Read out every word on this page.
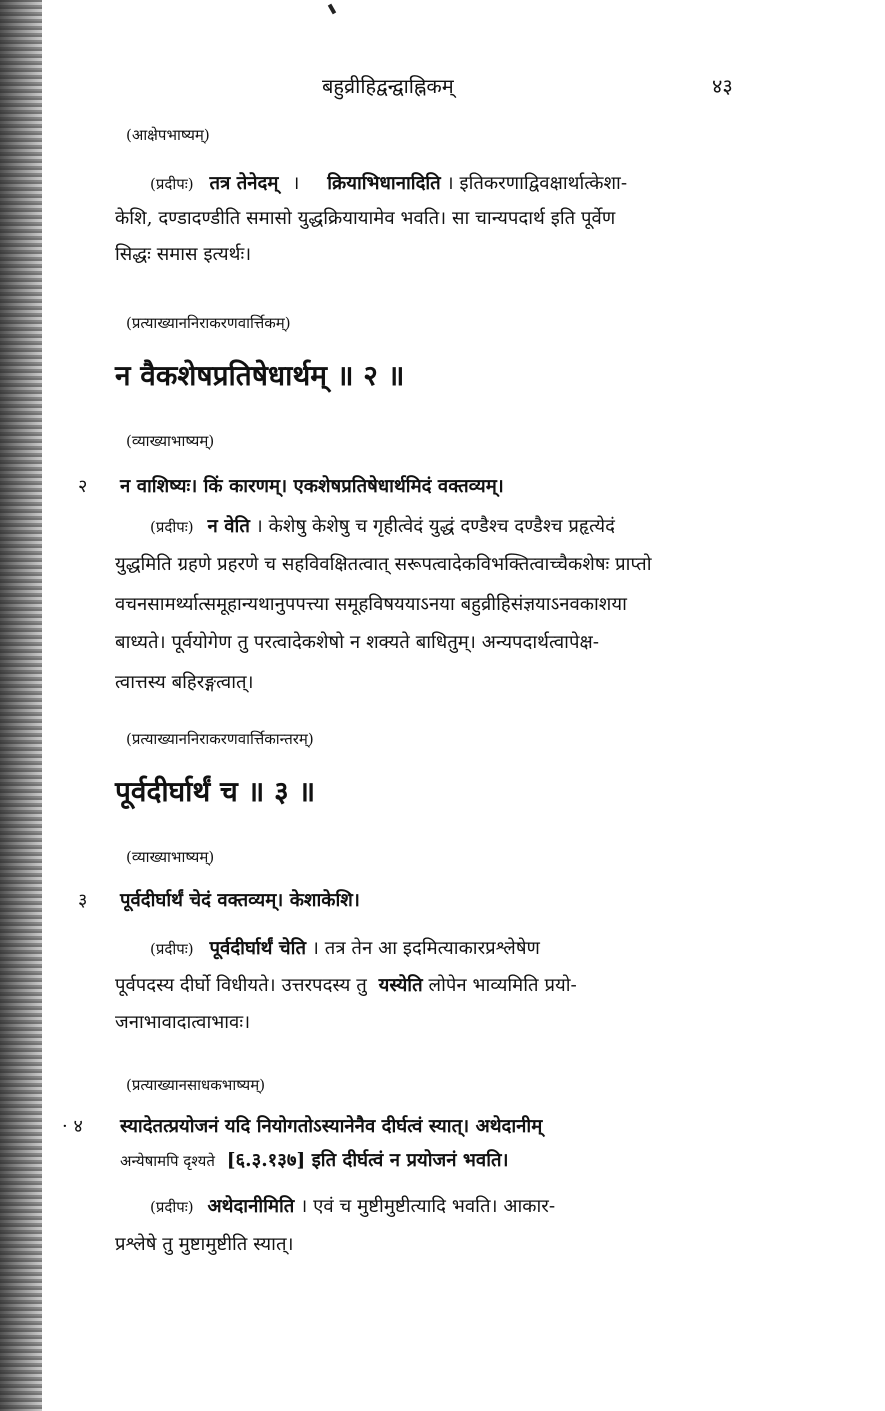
बहुव्रीहिद्वन्द्वाह्निकम्	४३
(आक्षेपभाष्यम्)
(प्रदीपः) तत्र तेनेदम् । क्रियाभिधानादिति । इतिकरणाद्विवक्षार्थात्केशा-
केशि, दण्डादण्डीति समासो युद्धक्रियायामेव भवति। सा चान्यपदार्थ इति पूर्वेण
सिद्धः समास इत्यर्थः।
(प्रत्याख्याननिराकरणवार्त्तिकम्)
न वैकशेषप्रतिषेधार्थम् ॥ २ ॥
(व्याख्याभाष्यम्)
२ न वाशिष्यः। किं कारणम्। एकशेषप्रतिषेधार्थमिदं वक्तव्यम्।
(प्रदीपः) न वेति । केशेषु केशेषु च गृहीत्वेदं युद्धं दण्डैश्च दण्डैश्च प्रहृत्येदं
युद्धमिति ग्रहणे प्रहरणे च सहविवक्षितत्वात् सरूपत्वादेकविभक्तित्वाच्चैकशेषः प्राप्तो
वचनसामर्थ्यात्समूहान्यथानुपपत्त्या समूहविषययाऽनया बहुव्रीहिसंज्ञयाऽनवकाशया
बाध्यते। पूर्वयोगेण तु परत्वादेकशेषो न शक्यते बाधितुम्। अन्यपदार्थत्वापेक्ष-
त्वात्तस्य बहिरङ्गत्वात्।
(प्रत्याख्याननिराकरणवार्त्तिकान्तरम्)
पूर्वदीर्घार्थं च ॥ ३ ॥
(व्याख्याभाष्यम्)
३ पूर्वदीर्घार्थं चेदं वक्तव्यम्। केशाकेशि।
(प्रदीपः) पूर्वदीर्घार्थं चेति । तत्र तेन आ इदमित्याकारप्रश्लेषेण
पूर्वपदस्य दीर्घो विधीयते। उत्तरपदस्य तु यस्येति लोपेन भाव्यमिति प्रयो-
जनाभावादात्वाभावः।
(प्रत्याख्यानसाधकभाष्यम्)
· ४ स्यादेतत्प्रयोजनं यदि नियोगतोऽस्यानेनैव दीर्घत्वं स्यात्। अथेदानीम्
अन्येषामपि दृश्यते [६.३.१३७] इति दीर्घत्वं न प्रयोजनं भवति।
(प्रदीपः) अथेदानीमिति । एवं च मुष्टीमुष्टीत्यादि भवति। आकार-
प्रश्लेषे तु मुष्टामुष्टीति स्यात्।
